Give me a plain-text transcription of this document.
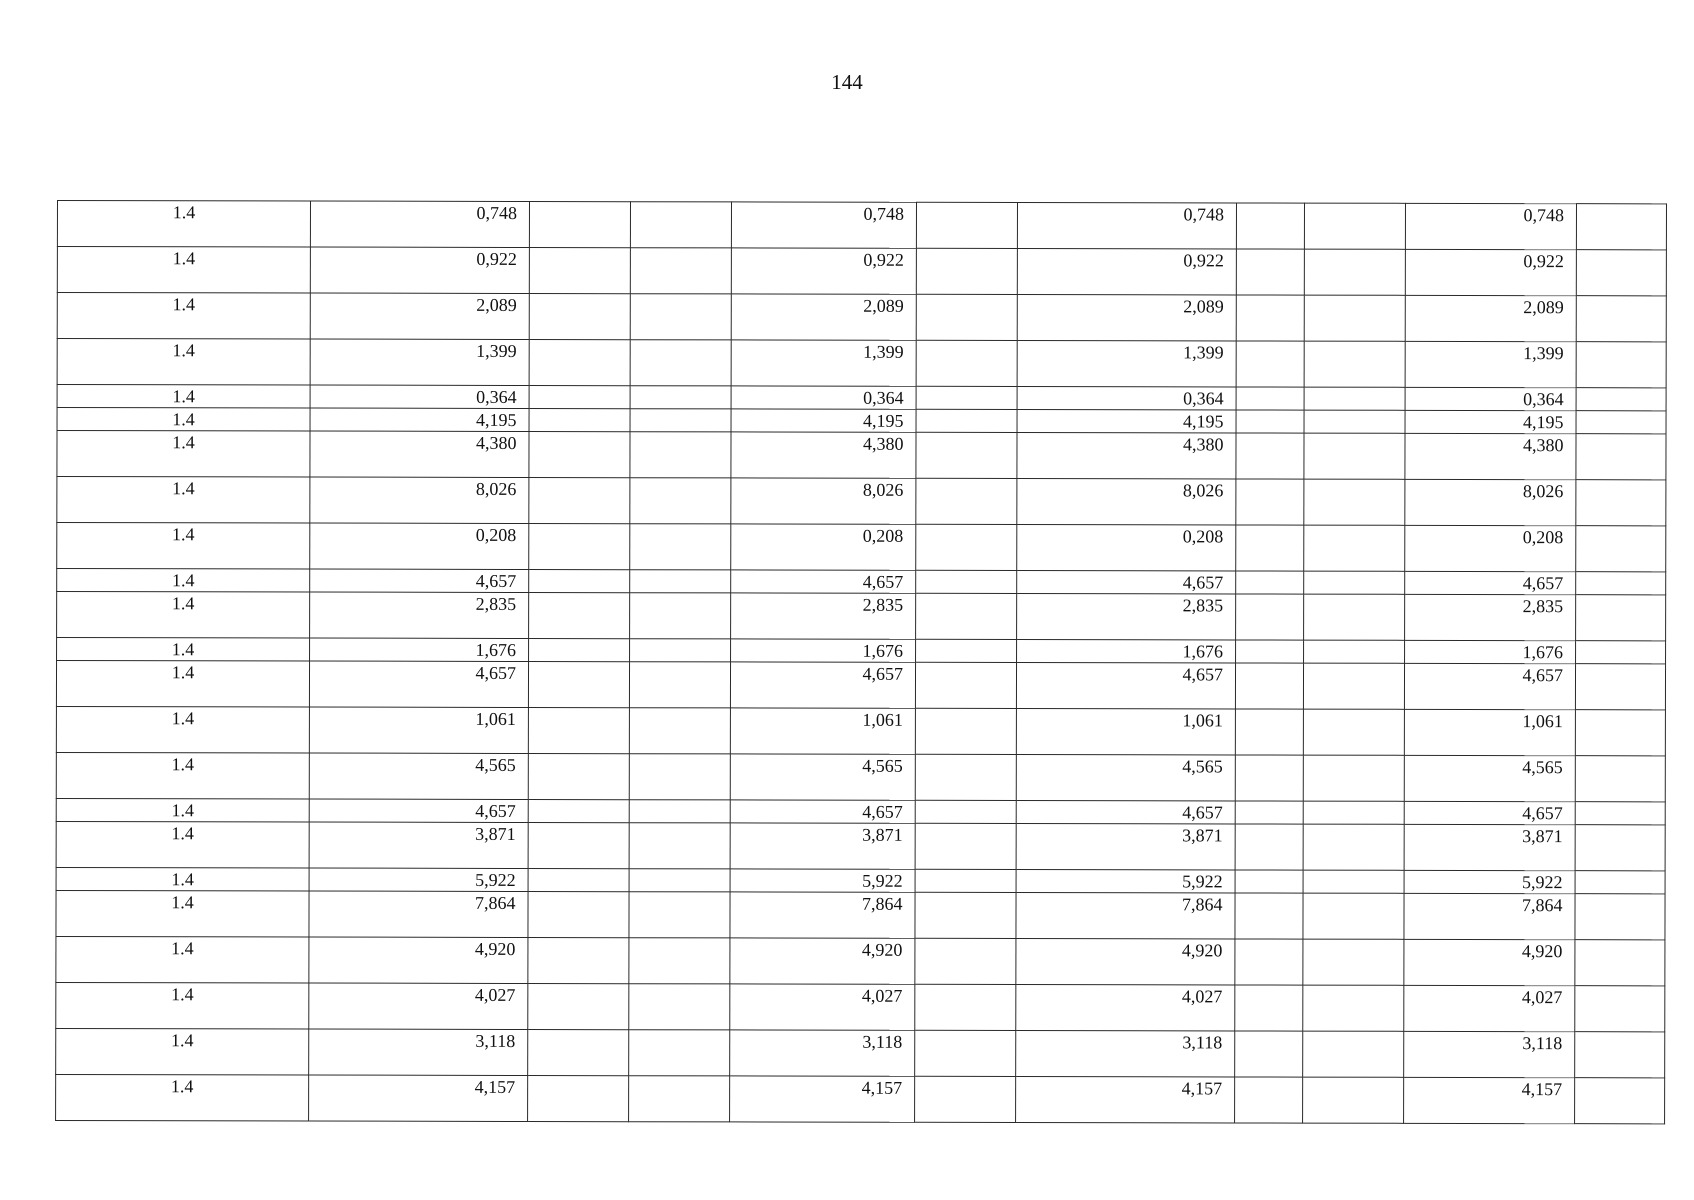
144
1.4	0,748			0,748		0,748			0,748	
1.4	0,922			0,922		0,922			0,922	
1.4	2,089			2,089		2,089			2,089	
1.4	1,399			1,399		1,399			1,399	
1.4	0,364			0,364		0,364			0,364	
1.4	4,195			4,195		4,195			4,195	
1.4	4,380			4,380		4,380			4,380	
1.4	8,026			8,026		8,026			8,026	
1.4	0,208			0,208		0,208			0,208	
1.4	4,657			4,657		4,657			4,657	
1.4	2,835			2,835		2,835			2,835	
1.4	1,676			1,676		1,676			1,676	
1.4	4,657			4,657		4,657			4,657	
1.4	1,061			1,061		1,061			1,061	
1.4	4,565			4,565		4,565			4,565	
1.4	4,657			4,657		4,657			4,657	
1.4	3,871			3,871		3,871			3,871	
1.4	5,922			5,922		5,922			5,922	
1.4	7,864			7,864		7,864			7,864	
1.4	4,920			4,920		4,920			4,920	
1.4	4,027			4,027		4,027			4,027	
1.4	3,118			3,118		3,118			3,118	
1.4	4,157			4,157		4,157			4,157	
